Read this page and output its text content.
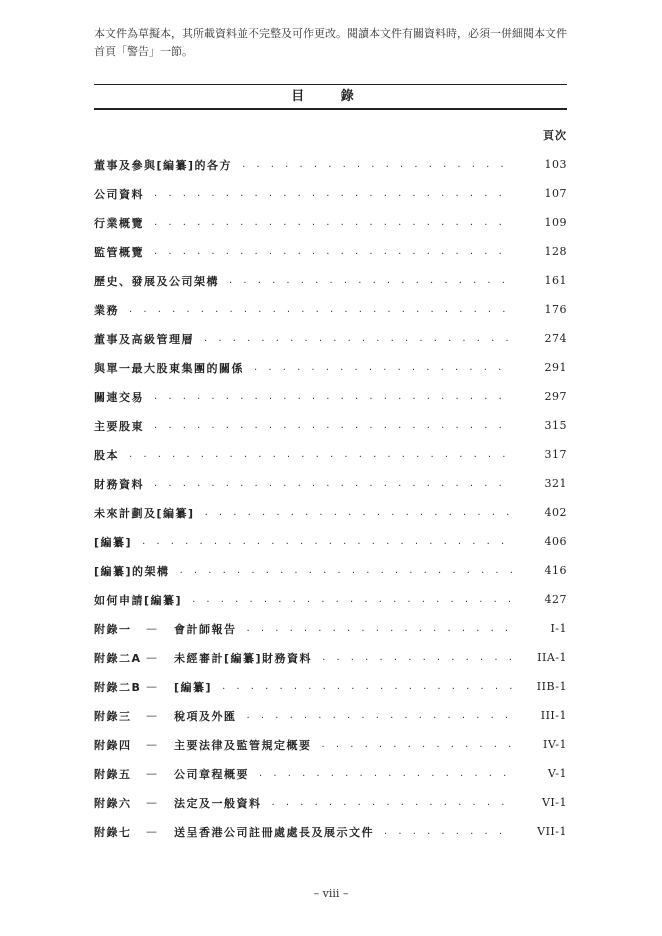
本文件為草擬本，其所載資料並不完整及可作更改。閱讀本文件有關資料時，必須一併細閱本文件首頁「警告」一節。
目 錄
頁次
董事及參與[編纂]的各方 . . .	103
公司資料 . . .	107
行業概覽 . . .	109
監管概覽 . . .	128
歷史、發展及公司架構 . . .	161
業務 . . .	176
董事及高級管理層 . . .	274
與單一最大股東集團的關係 . . .	291
關連交易 . . .	297
主要股東 . . .	315
股本 . . .	317
財務資料 . . .	321
未來計劃及[編纂] . . .	402
[編纂] . . .	406
[編纂]的架構 . . .	416
如何申請[編纂] . . .	427
附錄一	—	會計師報告 . . .	I-1
附錄二A —	未經審計[編纂]財務資料 . . .	IIA-1
附錄二B —	[編纂] . . .	IIB-1
附錄三	—	稅項及外匯 . . .	III-1
附錄四	—	主要法律及監管規定概要 . . .	IV-1
附錄五	—	公司章程概要 . . .	V-1
附錄六	—	法定及一般資料 . . .	VI-1
附錄七	—	送呈香港公司註冊處處長及展示文件 . . .	VII-1
– viii –
